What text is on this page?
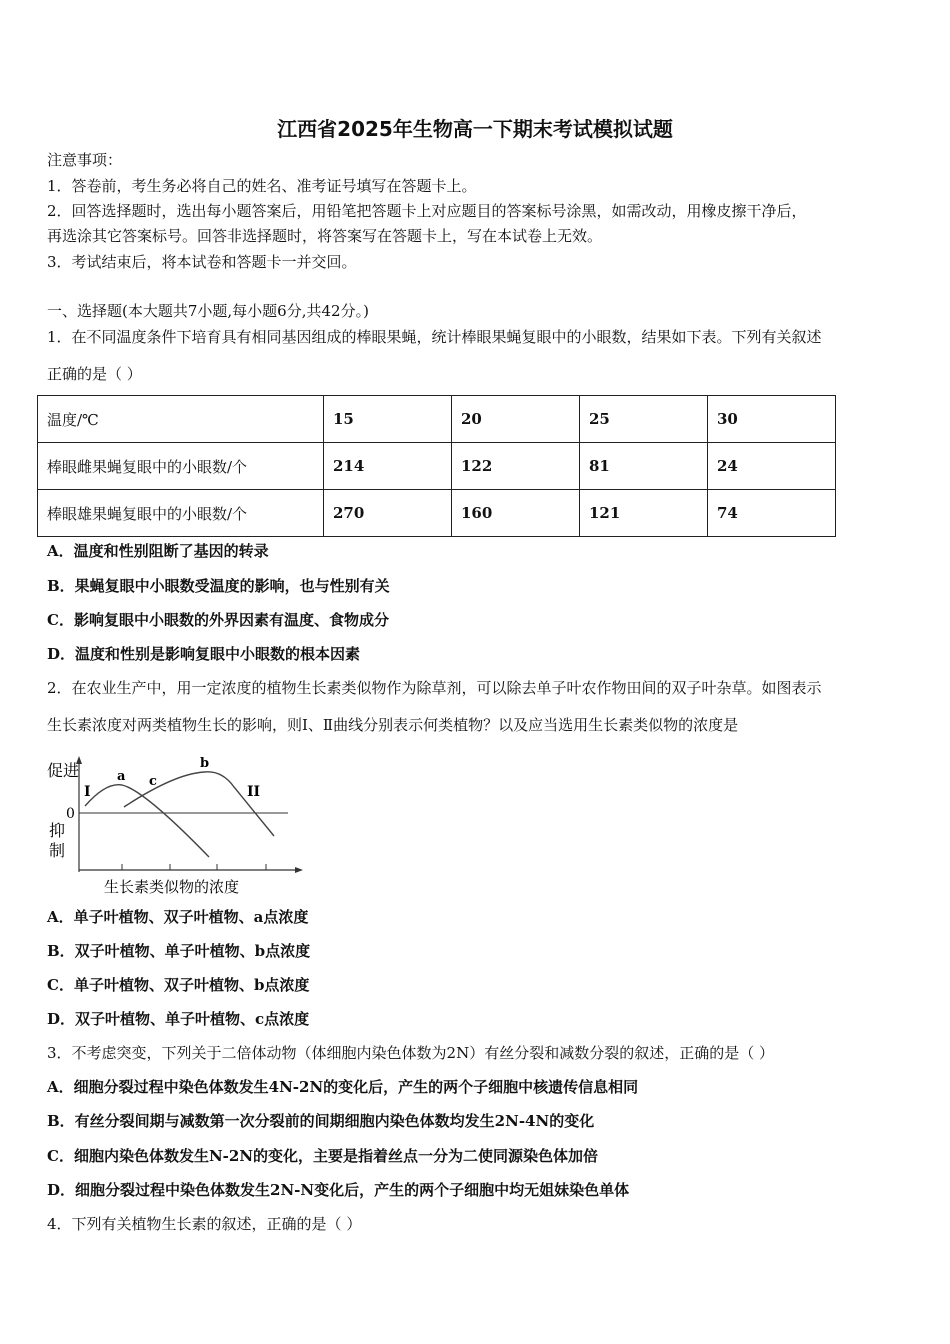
江西省2025年生物高一下期末考试模拟试题
注意事项：
1．答卷前，考生务必将自己的姓名、准考证号填写在答题卡上。
2．回答选择题时，选出每小题答案后，用铅笔把答题卡上对应题目的答案标号涂黑，如需改动，用橡皮擦干净后，
再选涂其它答案标号。回答非选择题时，将答案写在答题卡上，写在本试卷上无效。
3．考试结束后，将本试卷和答题卡一并交回。
一、选择题(本大题共7小题,每小题6分,共42分。)
1．在不同温度条件下培育具有相同基因组成的棒眼果蝇，统计棒眼果蝇复眼中的小眼数，结果如下表。下列有关叙述
正确的是（ ）
温度/℃	15	20	25	30
棒眼雌果蝇复眼中的小眼数/个	214	122	81	24
棒眼雄果蝇复眼中的小眼数/个	270	160	121	74
A．温度和性别阻断了基因的转录
B．果蝇复眼中小眼数受温度的影响，也与性别有关
C．影响复眼中小眼数的外界因素有温度、食物成分
D．温度和性别是影响复眼中小眼数的根本因素
2．在农业生产中，用一定浓度的植物生长素类似物作为除草剂，可以除去单子叶农作物田间的双子叶杂草。如图表示
生长素浓度对两类植物生长的影响，则Ⅰ、Ⅱ曲线分别表示何类植物？以及应当选用生长素类似物的浓度是
促进
0
抑
制
生长素类似物的浓度
I	II
a
b
c
A．单子叶植物、双子叶植物、a点浓度
B．双子叶植物、单子叶植物、b点浓度
C．单子叶植物、双子叶植物、b点浓度
D．双子叶植物、单子叶植物、c点浓度
3．不考虑突变，下列关于二倍体动物（体细胞内染色体数为2N）有丝分裂和减数分裂的叙述，正确的是（ ）
A．细胞分裂过程中染色体数发生4N-2N的变化后，产生的两个子细胞中核遗传信息相同
B．有丝分裂间期与减数第一次分裂前的间期细胞内染色体数均发生2N-4N的变化
C．细胞内染色体数发生N-2N的变化，主要是指着丝点一分为二使同源染色体加倍
D．细胞分裂过程中染色体数发生2N-N变化后，产生的两个子细胞中均无姐妹染色单体
4．下列有关植物生长素的叙述，正确的是（ ）
